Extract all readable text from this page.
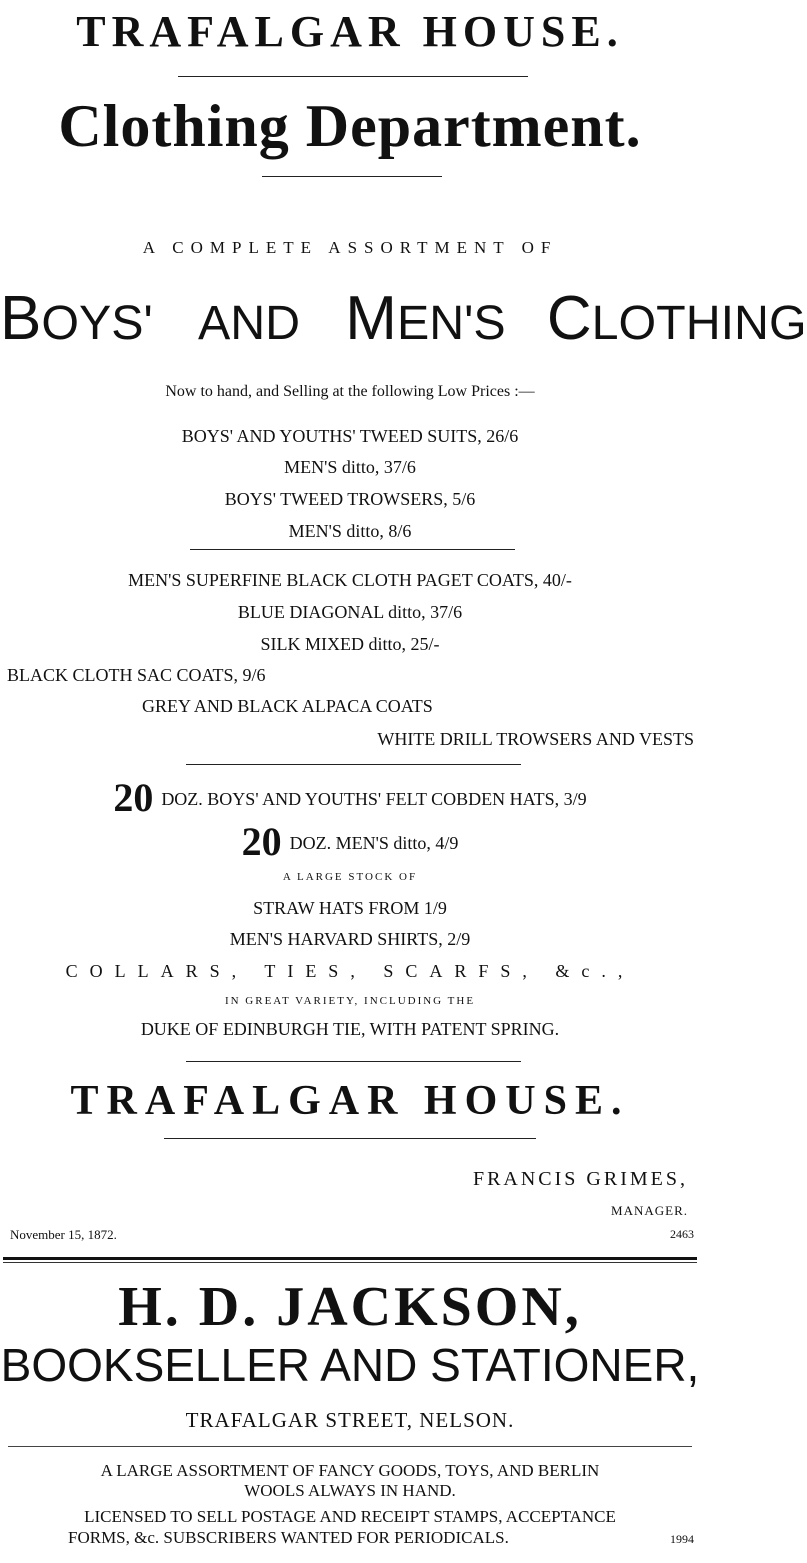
TRAFALGAR HOUSE.
Clothing Department.
A COMPLETE ASSORTMENT OF
BOYS' AND MEN'S CLOTHING
Now to hand, and Selling at the following Low Prices :—
BOYS' AND YOUTHS' TWEED SUITS, 26/6
MEN'S ditto, 37/6
BOYS' TWEED TROWSERS, 5/6
MEN'S ditto, 8/6
MEN'S SUPERFINE BLACK CLOTH PAGET COATS, 40/-
BLUE DIAGONAL ditto, 37/6
SILK MIXED ditto, 25/-
BLACK CLOTH SAC COATS, 9/6
GREY AND BLACK ALPACA COATS
WHITE DRILL TROWSERS AND VESTS
20 DOZ. BOYS' AND YOUTHS' FELT COBDEN HATS, 3/9
20 DOZ. MEN'S ditto, 4/9
A LARGE STOCK OF
STRAW HATS FROM 1/9
MEN'S HARVARD SHIRTS, 2/9
COLLARS, TIES, SCARFS, &c.,
IN GREAT VARIETY, INCLUDING THE
DUKE OF EDINBURGH TIE, WITH PATENT SPRING.
TRAFALGAR HOUSE.
FRANCIS GRIMES,
MANAGER.
November 15, 1872.	2463
H. D. JACKSON,
BOOKSELLER AND STATIONER,
TRAFALGAR STREET, NELSON.
A LARGE ASSORTMENT OF FANCY GOODS, TOYS, AND BERLIN
WOOLS ALWAYS IN HAND.
LICENSED TO SELL POSTAGE AND RECEIPT STAMPS, ACCEPTANCE
FORMS, &c. SUBSCRIBERS WANTED FOR PERIODICALS.	1994
